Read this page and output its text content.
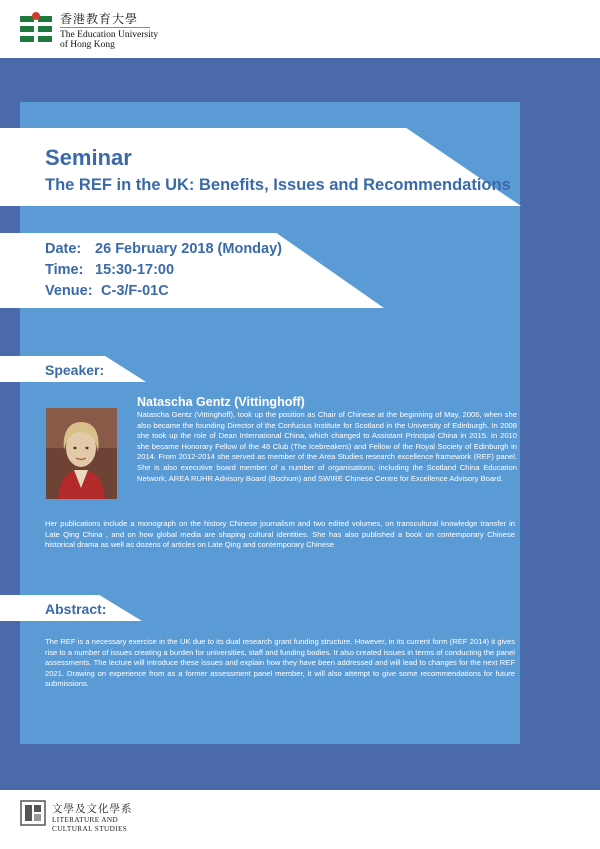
香港教育大學
The Education University
of Hong Kong
Seminar
The REF in the UK: Benefits, Issues and Recommendations
Date: 26 February 2018 (Monday)
Time: 15:30-17:00
Venue: C-3/F-01C
Speaker:
Natascha Gentz (Vittinghoff)
Natascha Gentz (Vittinghoff), took up the position as Chair of Chinese at the beginning of May, 2006, when she also became the founding Director of the Confucius Institute for Scotland in the University of Edinburgh. In 2008 she took up the role of Dean International China, which changed to Assistant Principal China in 2015. In 2010 she became Honorary Fellow of the 48 Club (The Icebreakers) and Fellow of the Royal Society of Edinburgh in 2014. From 2012-2014 she served as member of the Area Studies research excellence framework (REF) panel. She is also executive board member of a number of organisations, including the Scotland China Education Network, AREA RUHR Advisory Board (Bochum) and SWIRE Chinese Centre for Excellence Advisory Board.
Her publications include a monograph on the history Chinese journalism and two edited volumes, on transcultural knowledge transfer in Late Qing China , and on how global media are shaping cultural identities. She has also published a book on contemporary Chinese historical drama as well as dozens of articles on Late Qing and contemporary Chinese
Abstract:
The REF is a necessary exercise in the UK due to its dual research grant funding structure. However, in its current form (REF 2014) it gives rise to a number of issues creating a burden for universities, staff and funding bodies. It also created issues in terms of conducting the panel assessments. The lecture will introduce these issues and explain how they have been addressed and will lead to changes for the next REF 2021. Drawing on experience from as a former assessment panel member, it will also attempt to give some recommendations for future submissions.
文學及文化學系
LITERATURE AND
CULTURAL STUDIES
